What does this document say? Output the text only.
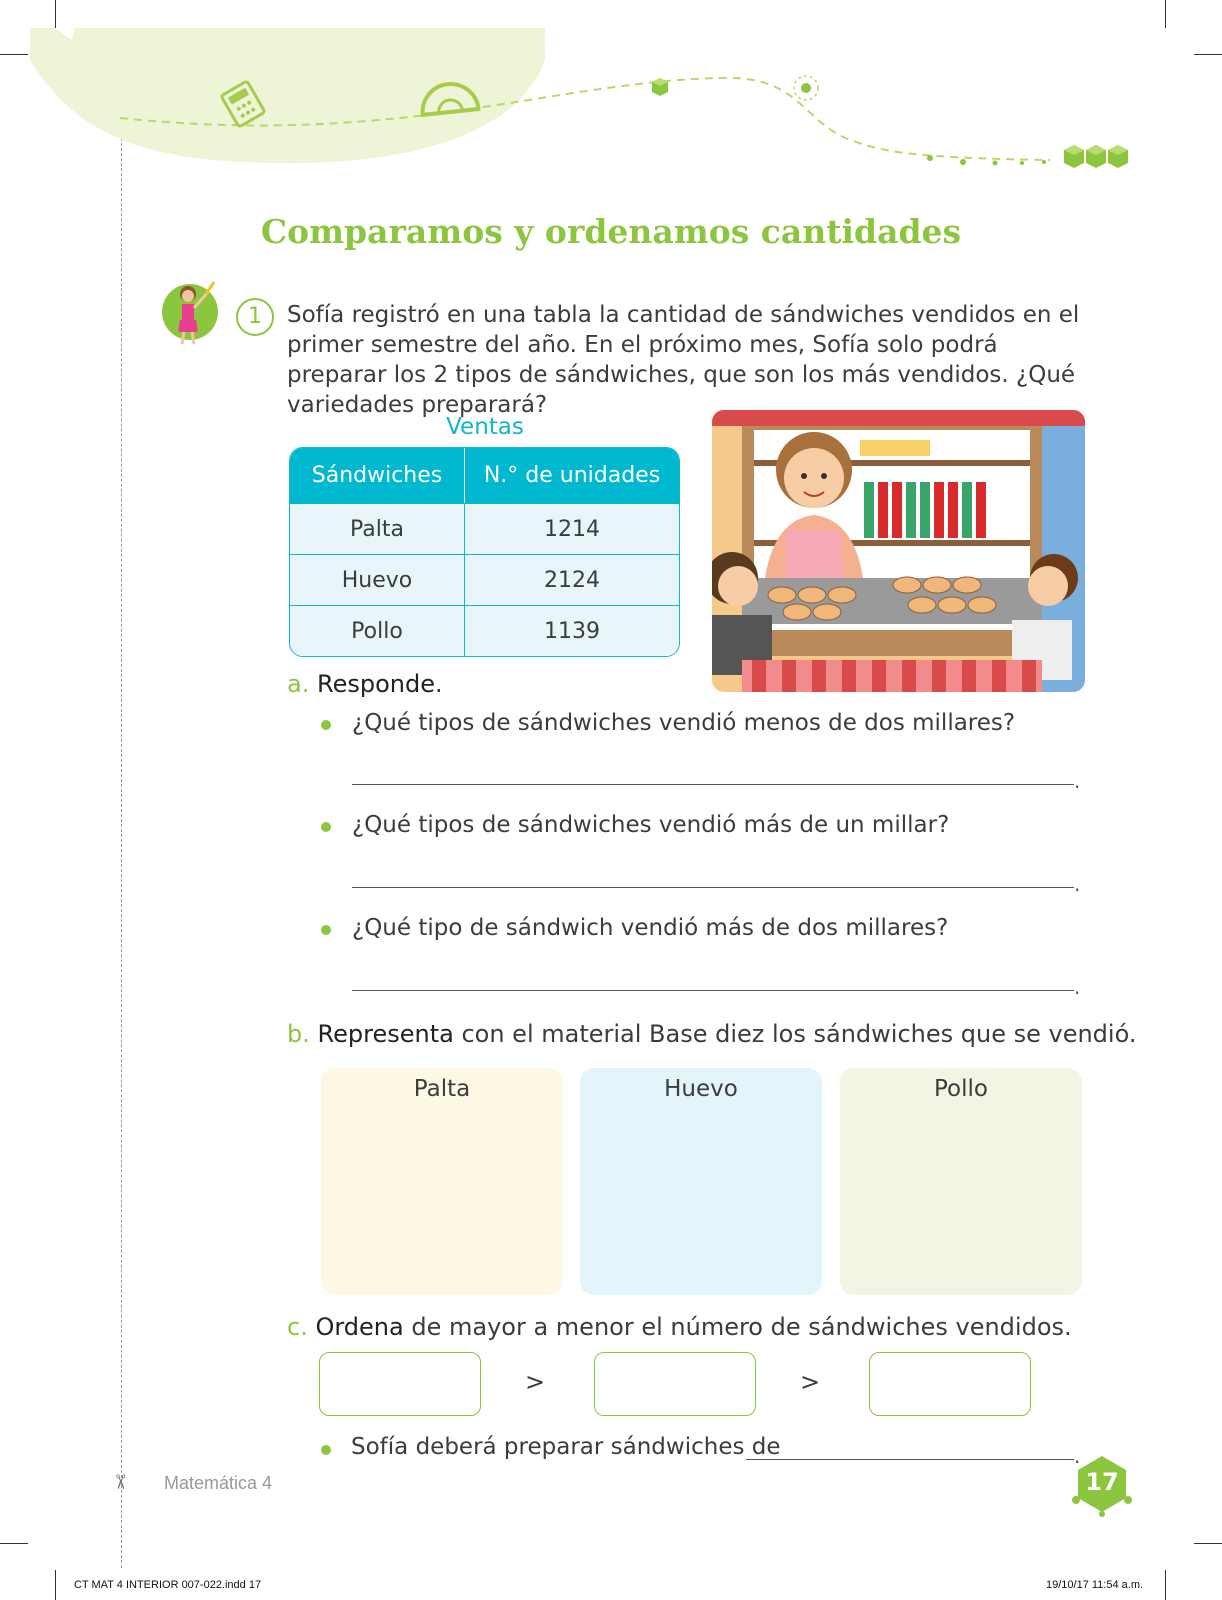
Comparamos y ordenamos cantidades
1	Sofía registró en una tabla la cantidad de sándwiches vendidos en el primer semestre del año. En el próximo mes, Sofía solo podrá preparar los 2 tipos de sándwiches, que son los más vendidos. ¿Qué variedades preparará?
Ventas
Sándwiches	N.° de unidades
Palta	1214
Huevo	2124
Pollo	1139
a. Responde.
¿Qué tipos de sándwiches vendió menos de dos millares?
.
¿Qué tipos de sándwiches vendió más de un millar?
.
¿Qué tipo de sándwich vendió más de dos millares?
.
b. Representa con el material Base diez los sándwiches que se vendió.
Palta	Huevo	Pollo
c. Ordena de mayor a menor el número de sándwiches vendidos.
>	>
Sofía deberá preparar sándwiches de	.
✂ Matemática 4	17
CT MAT 4 INTERIOR 007-022.indd 17	19/10/17 11:54 a.m.
